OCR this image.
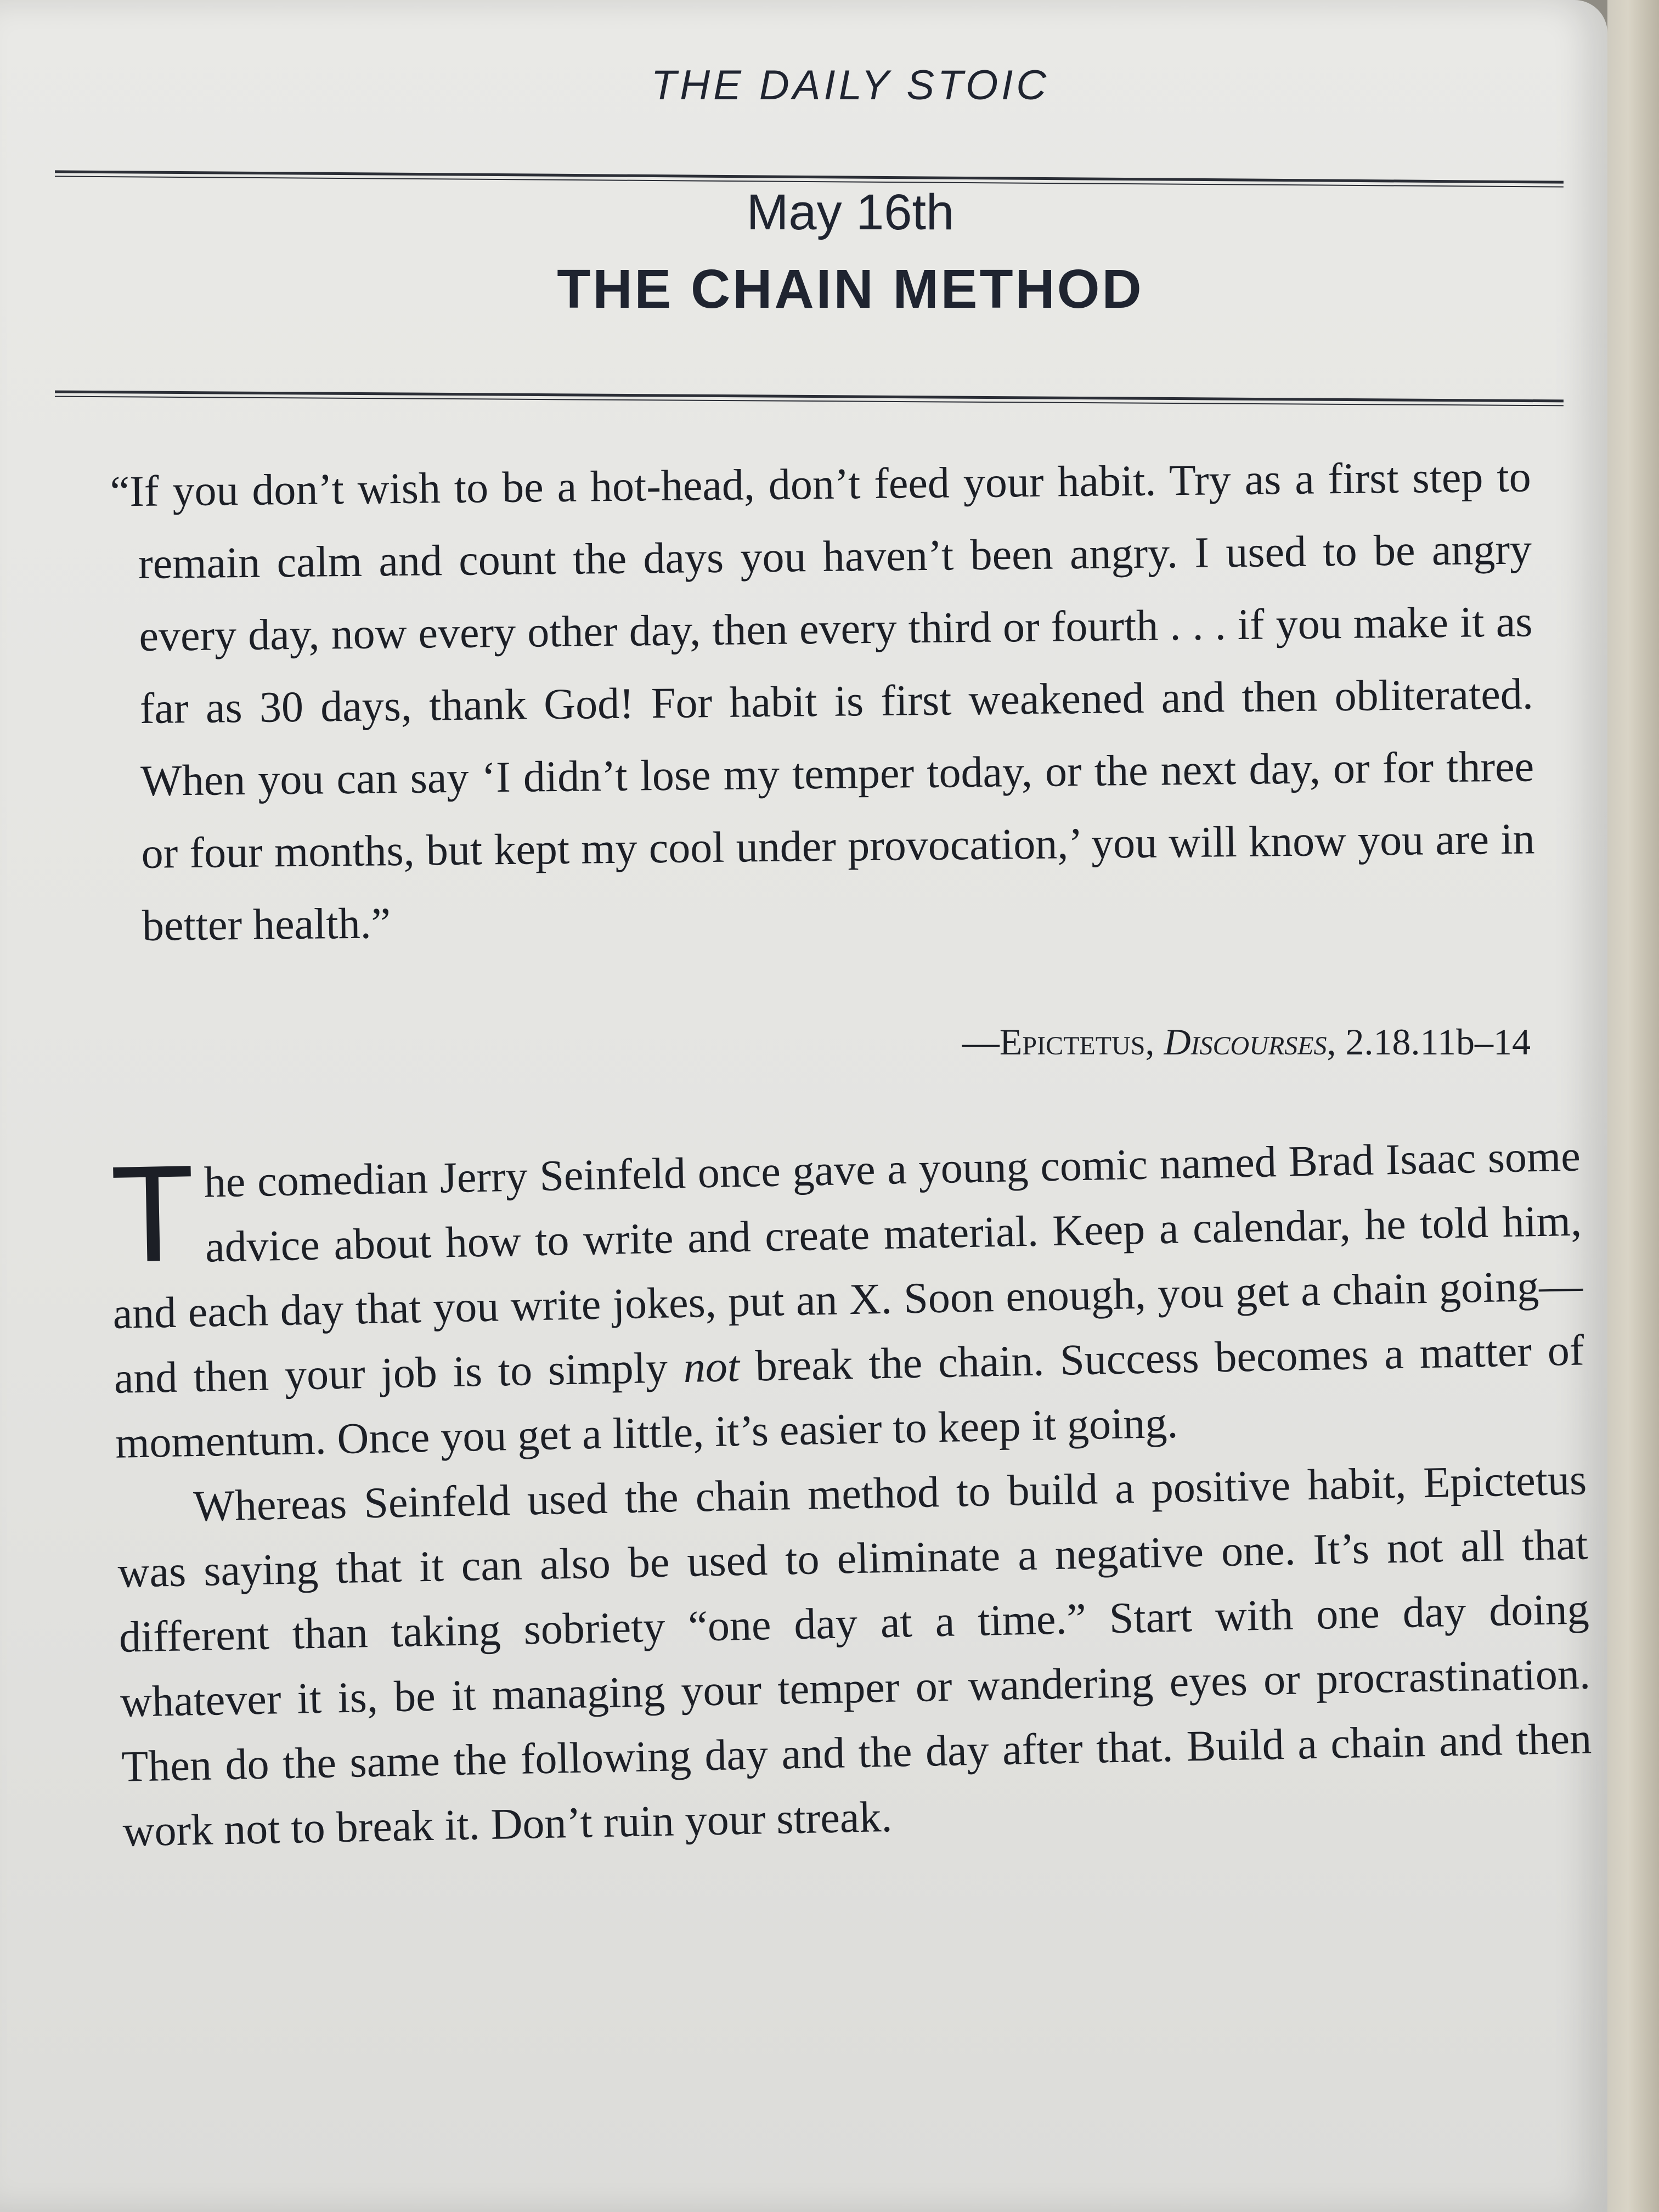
THE DAILY STOIC
May 16th
THE CHAIN METHOD
“If you don’t wish to be a hot-head, don’t feed your habit. Try as a first step to remain calm and count the days you haven’t been angry. I used to be angry every day, now every other day, then every third or fourth . . . if you make it as far as 30 days, thank God! For habit is first weakened and then obliterated. When you can say ‘I didn’t lose my temper today, or the next day, or for three or four months, but kept my cool under provocation,’ you will know you are in better health.”
—Epictetus, Discourses, 2.18.11b–14

The comedian Jerry Seinfeld once gave a young comic named Brad Isaac some advice about how to write and create material. Keep a calendar, he told him, and each day that you write jokes, put an X. Soon enough, you get a chain going—and then your job is to simply not break the chain. Success becomes a matter of momentum. Once you get a little, it’s easier to keep it going.

Whereas Seinfeld used the chain method to build a positive habit, Epictetus was saying that it can also be used to eliminate a negative one. It’s not all that different than taking sobriety “one day at a time.” Start with one day doing whatever it is, be it managing your temper or wandering eyes or procrastination. Then do the same the following day and the day after that. Build a chain and then work not to break it. Don’t ruin your streak.
